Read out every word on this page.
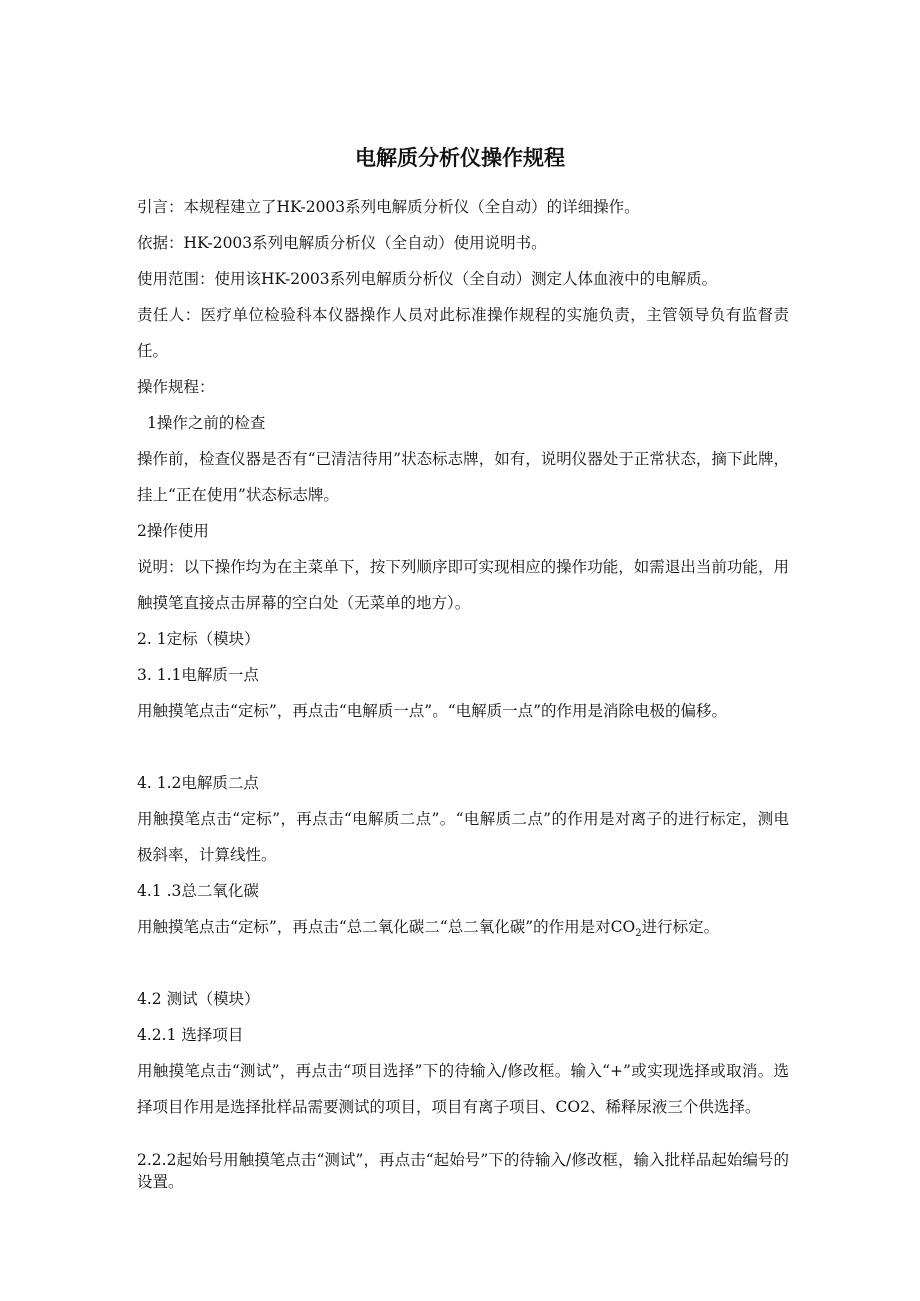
电解质分析仪操作规程

引言：本规程建立了HK-2003系列电解质分析仪（全自动）的详细操作。

依据：HK-2003系列电解质分析仪（全自动）使用说明书。

使用范围：使用该HK-2003系列电解质分析仪（全自动）测定人体血液中的电解质。

责任人：医疗单位检验科本仪器操作人员对此标准操作规程的实施负责，主管领导负有监督责任。

操作规程：

1操作之前的检查

操作前，检查仪器是否有“已清洁待用”状态标志牌，如有，说明仪器处于正常状态，摘下此牌，挂上“正在使用”状态标志牌。

2操作使用

说明：以下操作均为在主菜单下，按下列顺序即可实现相应的操作功能，如需退出当前功能，用触摸笔直接点击屏幕的空白处（无菜单的地方）。

2. 1定标（模块）

3. 1.1电解质一点

用触摸笔点击“定标”，再点击“电解质一点”。“电解质一点”的作用是消除电极的偏移。

4. 1.2电解质二点

用触摸笔点击“定标”，再点击“电解质二点”。“电解质二点”的作用是对离子的进行标定，测电极斜率，计算线性。

4.1 .3总二氧化碳

用触摸笔点击“定标”，再点击“总二氧化碳二“总二氧化碳”的作用是对$CO_2$进行标定。

4.2 测试（模块）

4.2.1 选择项目

用触摸笔点击“测试”，再点击“项目选择”下的待输入/修改框。输入“+”或实现选择或取消。选择项目作用是选择批样品需要测试的项目，项目有离子项目、CO2、稀释尿液三个供选择。

2.2.2起始号用触摸笔点击“测试”，再点击“起始号”下的待输入/修改框，输入批样品起始编号的设置。
